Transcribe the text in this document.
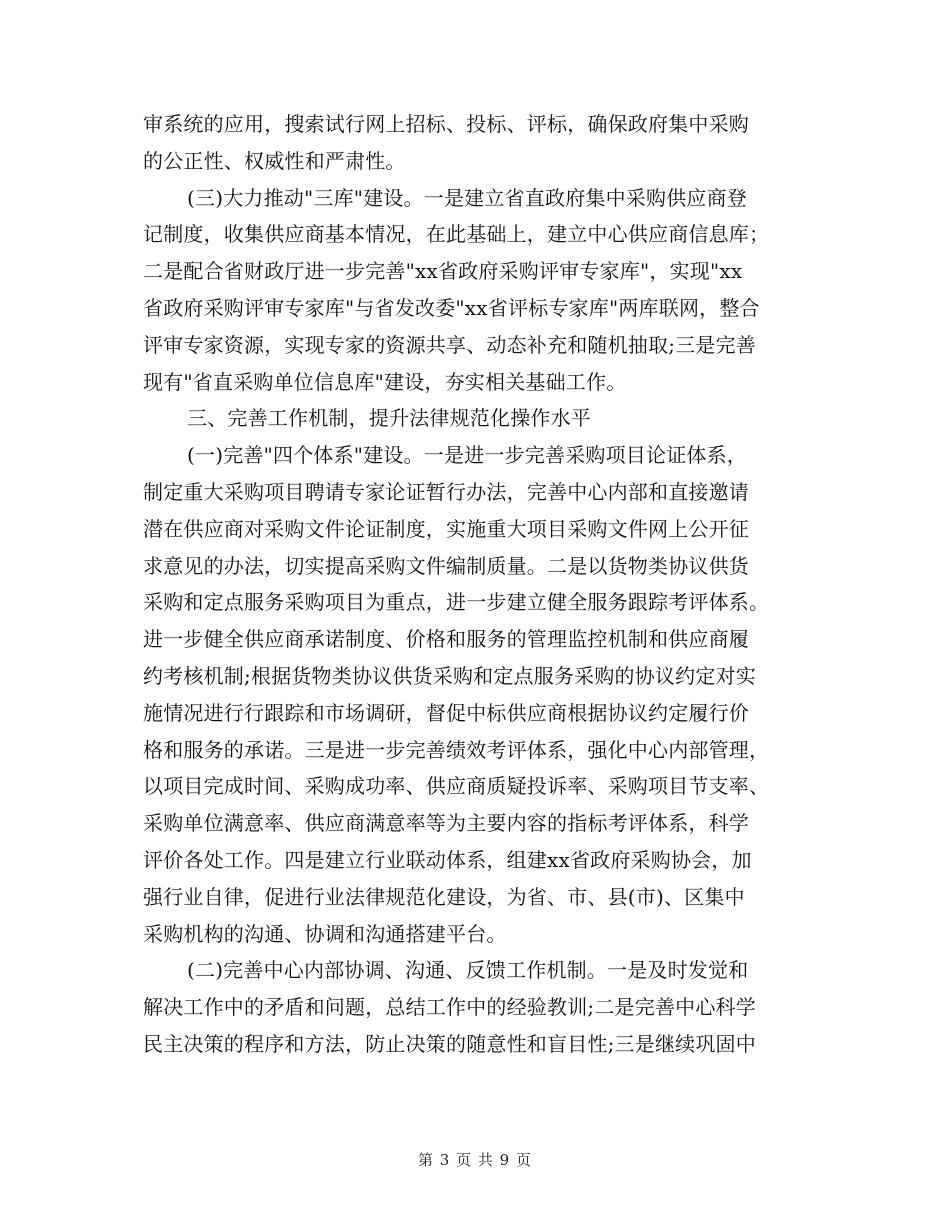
审系统的应用，搜索试行网上招标、投标、评标，确保政府集中采购
的公正性、权威性和严肃性。
(三)大力推动"三库"建设。一是建立省直政府集中采购供应商登
记制度，收集供应商基本情况，在此基础上，建立中心供应商信息库；
二是配合省财政厅进一步完善"xx省政府采购评审专家库"，实现"xx
省政府采购评审专家库"与省发改委"xx省评标专家库"两库联网，整合
评审专家资源，实现专家的资源共享、动态补充和随机抽取;三是完善
现有"省直采购单位信息库"建设，夯实相关基础工作。
三、完善工作机制，提升法律规范化操作水平
(一)完善"四个体系"建设。一是进一步完善采购项目论证体系，
制定重大采购项目聘请专家论证暂行办法，完善中心内部和直接邀请
潜在供应商对采购文件论证制度，实施重大项目采购文件网上公开征
求意见的办法，切实提高采购文件编制质量。二是以货物类协议供货
采购和定点服务采购项目为重点，进一步建立健全服务跟踪考评体系。
进一步健全供应商承诺制度、价格和服务的管理监控机制和供应商履
约考核机制;根据货物类协议供货采购和定点服务采购的协议约定对实
施情况进行行跟踪和市场调研，督促中标供应商根据协议约定履行价
格和服务的承诺。三是进一步完善绩效考评体系，强化中心内部管理，
以项目完成时间、采购成功率、供应商质疑投诉率、采购项目节支率、
采购单位满意率、供应商满意率等为主要内容的指标考评体系，科学
评价各处工作。四是建立行业联动体系，组建xx省政府采购协会，加
强行业自律，促进行业法律规范化建设，为省、市、县(市)、区集中
采购机构的沟通、协调和沟通搭建平台。
(二)完善中心内部协调、沟通、反馈工作机制。一是及时发觉和
解决工作中的矛盾和问题，总结工作中的经验教训;二是完善中心科学
民主决策的程序和方法，防止决策的随意性和盲目性;三是继续巩固中
第 3 页 共 9 页
